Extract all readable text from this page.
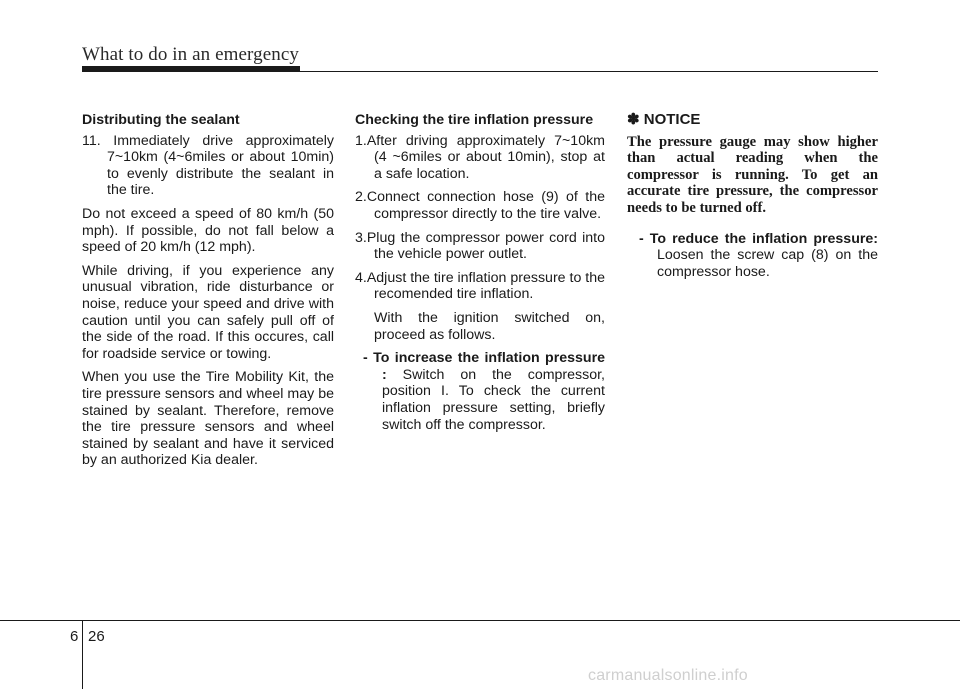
What to do in an emergency
Distributing the sealant

11. Immediately drive approximately 7~10km (4~6miles or about 10min) to evenly distribute the sealant in the tire.

Do not exceed a speed of 80 km/h (50 mph). If possible, do not fall below a speed of 20 km/h (12 mph).

While driving, if you experience any unusual vibration, ride disturbance or noise, reduce your speed and drive with caution until you can safely pull off of the side of the road. If this occures, call for roadside service or towing.

When you use the Tire Mobility Kit, the tire pressure sensors and wheel may be stained by sealant. Therefore, remove the tire pressure sensors and wheel stained by sealant and have it serviced by an authorized Kia dealer.

Checking the tire inflation pressure

1.After driving approximately 7~10km (4 ~6miles or about 10min), stop at a safe location.

2.Connect connection hose (9) of the compressor directly to the tire valve.

3.Plug the compressor power cord into the vehicle power outlet.

4.Adjust the tire inflation pressure to the recomended tire inflation.

With the ignition switched on, proceed as follows.

- To increase the inflation pressure : Switch on the compressor, position I. To check the current inflation pressure setting, briefly switch off the compressor.

✽ NOTICE

The pressure gauge may show higher than actual reading when the compressor is running. To get an accurate tire pressure, the compressor needs to be turned off.

- To reduce the inflation pressure: Loosen the screw cap (8) on the compressor hose.

6 26
carmanualsonline.info
